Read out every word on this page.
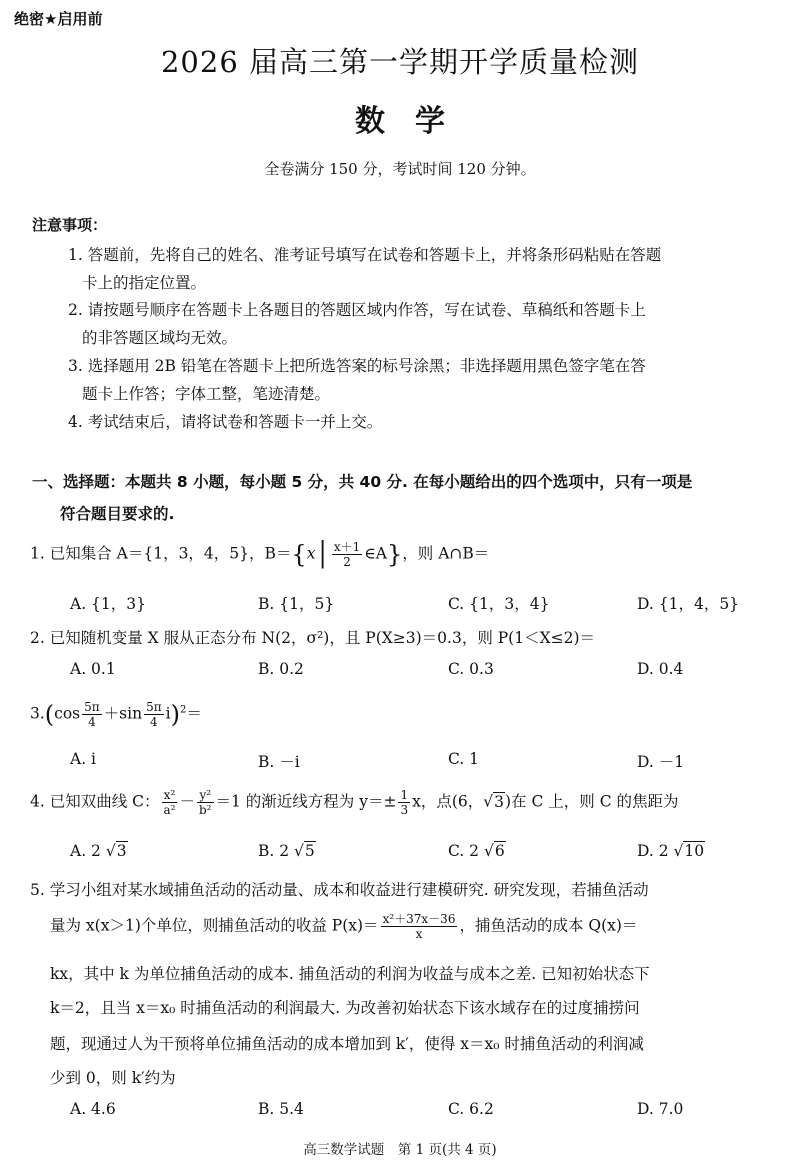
绝密★启用前
2026 届高三第一学期开学质量检测
数学
全卷满分 150 分，考试时间 120 分钟。
注意事项：
1. 答题前，先将自己的姓名、准考证号填写在试卷和答题卡上，并将条形码粘贴在答题
卡上的指定位置。
2. 请按题号顺序在答题卡上各题目的答题区域内作答，写在试卷、草稿纸和答题卡上
的非答题区域均无效。
3. 选择题用 2B 铅笔在答题卡上把所选答案的标号涂黑；非选择题用黑色签字笔在答
题卡上作答；字体工整，笔迹清楚。
4. 考试结束后，请将试卷和答题卡一并上交。
一、选择题：本题共 8 小题，每小题 5 分，共 40 分. 在每小题给出的四个选项中，只有一项是
符合题目要求的.
1. 已知集合 A＝{1，3，4，5}，B＝{x│ $\frac{x+1}{2}$ ∈A}，则 A∩B＝
A. {1，3}	B. {1，5}	C. {1，3，4}	D. {1，4，5}
2. 已知随机变量 X 服从正态分布 N(2，σ²)，且 P(X≥3)＝0.3，则 P(1＜X≤2)＝
A. 0.1	B. 0.2	C. 0.3	D. 0.4
$3.(\cos \frac{5\pi}{4} +\sin \frac{5\pi}{4} i)^2=$
A. i	B. －i	C. 1	D. －1
4. 已知双曲线 C： $\frac{\text{x²}}{\text{a²}} - \frac{\text{y²}}{\text{b²}} =1$ 的渐近线方程为 $y=\pm \frac{1}{3}$ x，点(6，√3)在 C 上，则 C 的焦距为
A. 2 √3	B. 2 √5	C. 2 √6	D. 2 √10
5. 学习小组对某水域捕鱼活动的活动量、成本和收益进行建模研究. 研究发现，若捕鱼活动
量为 x(x＞1)个单位，则捕鱼活动的收益 $P(x)= \frac{\text{x²＋37x－36}}{x}$ ，捕鱼活动的成本 Q(x)＝
kx，其中 k 为单位捕鱼活动的成本. 捕鱼活动的利润为收益与成本之差. 已知初始状态下
k＝2，且当 x＝x₀ 时捕鱼活动的利润最大. 为改善初始状态下该水域存在的过度捕捞问
题，现通过人为干预将单位捕鱼活动的成本增加到 k′，使得 x＝x₀ 时捕鱼活动的利润减
少到 0，则 k′约为
A. 4.6	B. 5.4	C. 6.2	D. 7.0
高三数学试题　第 1 页(共 4 页)
